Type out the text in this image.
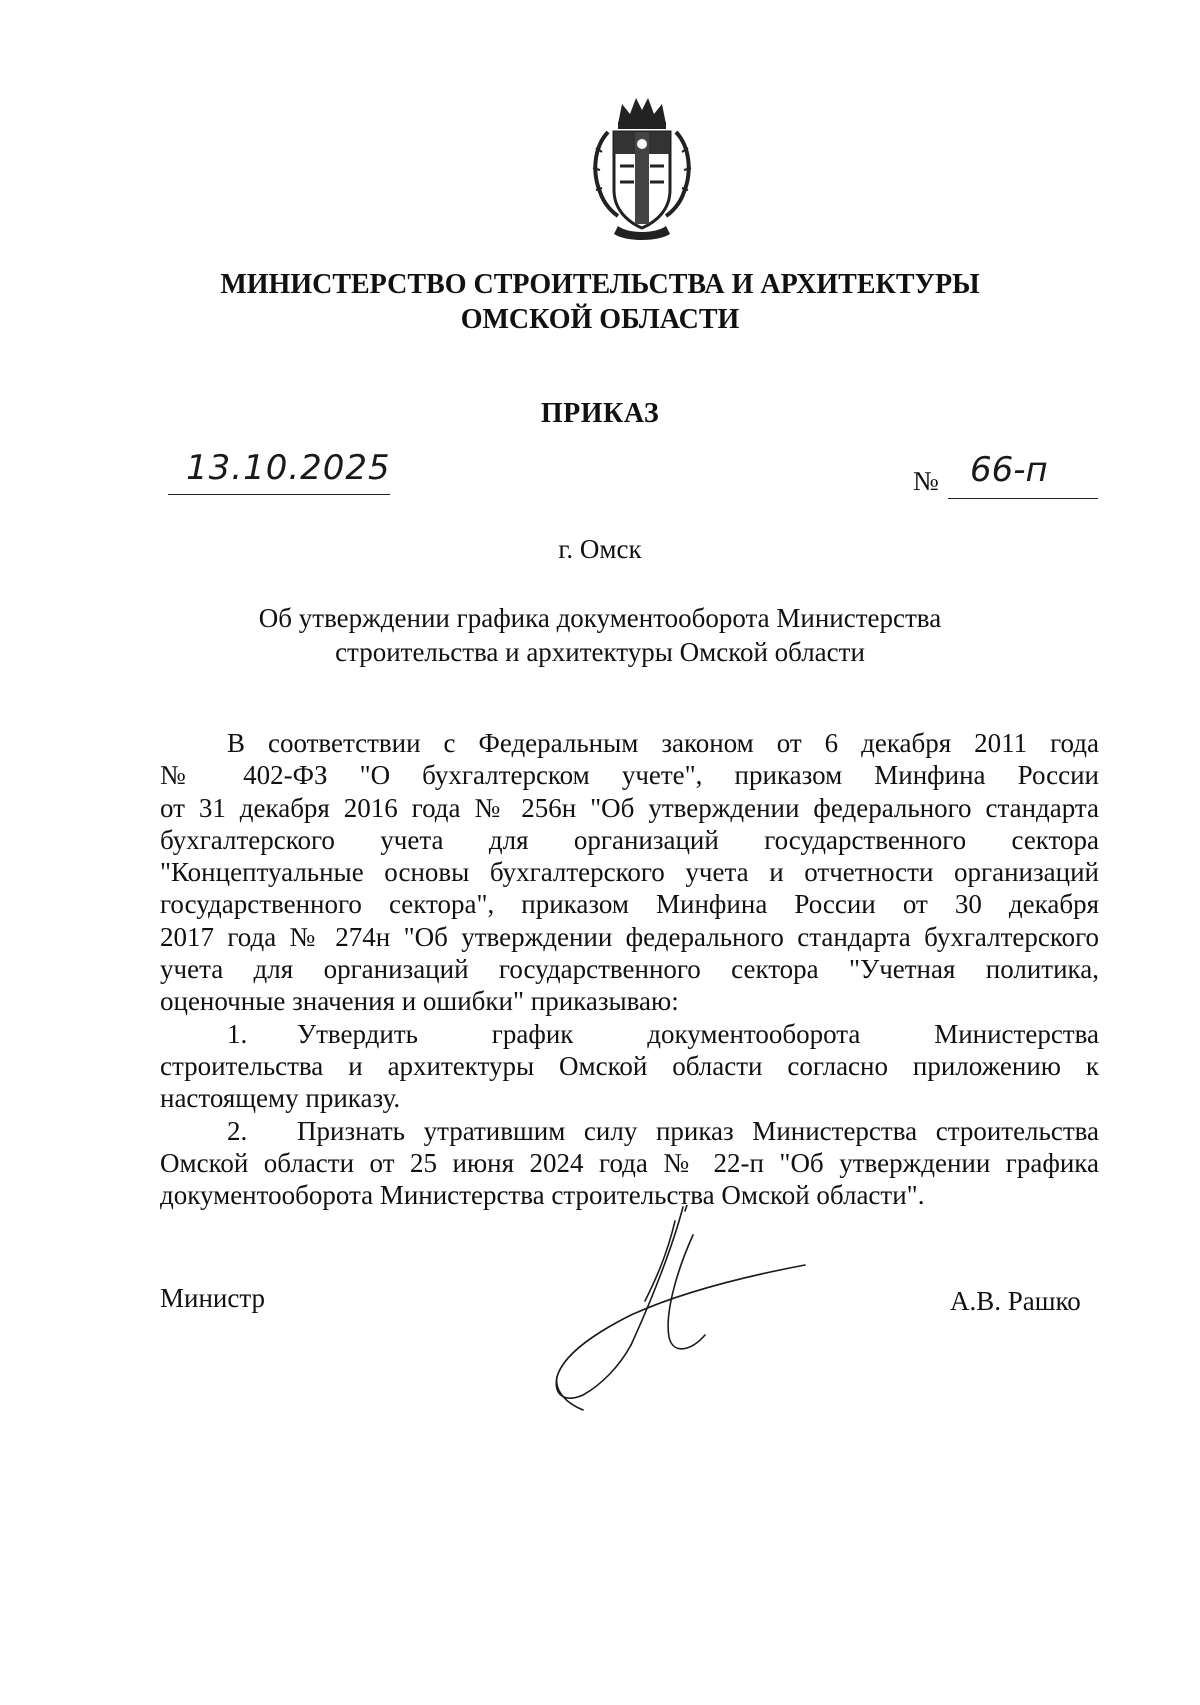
МИНИСТЕРСТВО СТРОИТЕЛЬСТВА И АРХИТЕКТУРЫ
ОМСКОЙ ОБЛАСТИ
ПРИКАЗ
13.10.2025	№ 66-п
г. Омск
Об утверждении графика документооборота Министерства
строительства и архитектуры Омской области
В соответствии с Федеральным законом от 6 декабря 2011 года
№ 402-ФЗ "О бухгалтерском учете", приказом Минфина России
от 31 декабря 2016 года № 256н "Об утверждении федерального стандарта
бухгалтерского учета для организаций государственного сектора
"Концептуальные основы бухгалтерского учета и отчетности организаций
государственного сектора", приказом Минфина России от 30 декабря
2017 года № 274н "Об утверждении федерального стандарта бухгалтерского
учета для организаций государственного сектора "Учетная политика,
оценочные значения и ошибки" приказываю:
1. Утвердить график документооборота Министерства
строительства и архитектуры Омской области согласно приложению к
настоящему приказу.
2. Признать утратившим силу приказ Министерства строительства
Омской области от 25 июня 2024 года № 22-п "Об утверждении графика
документооборота Министерства строительства Омской области".
Министр	А.В. Рашко
